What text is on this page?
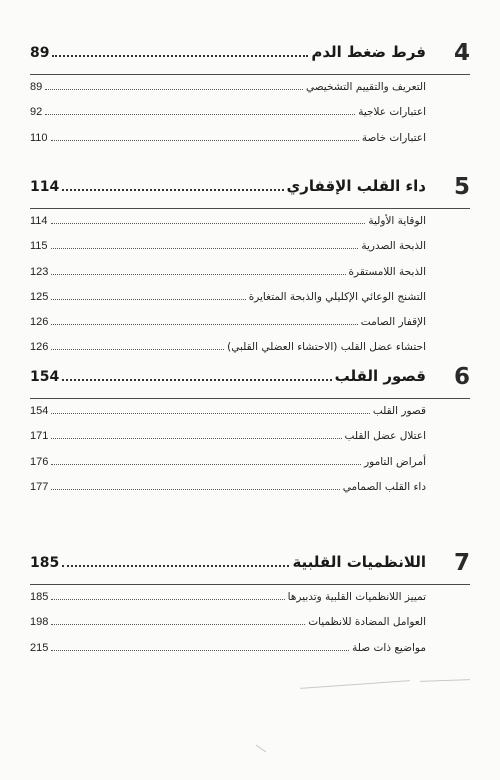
4
فرط ضغط الدم
89
التعريف والتقييم التشخيصي
89
اعتبارات علاجية
92
اعتبارات خاصة
110
5
داء القلب الإقفاري
114
الوقاية الأولية
114
الذبحة الصدرية
115
الذبحة اللامستقرة
123
التشنج الوعائي الإكليلي والذبحة المتغايرة
125
الإقفار الصامت
126
احتشاء عضل القلب (الاحتشاء العضلي القلبي)
126
6
قصور القلب
154
قصور القلب
154
اعتلال عضل القلب
171
أمراض التامور
176
داء القلب الصمامي
177
7
اللانظميات القلبية
185
تمييز اللانظميات القلبية وتدبيرها
185
العوامل المضادة للانظميات
198
مواضيع ذات صلة
215
